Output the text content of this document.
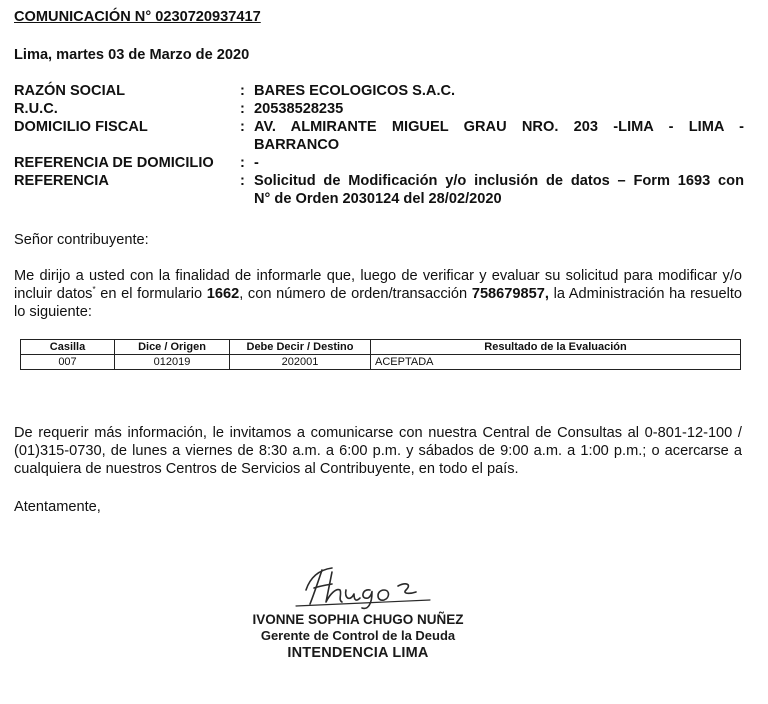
COMUNICACIÓN N° 0230720937417
Lima, martes 03 de Marzo de 2020
RAZÓN SOCIAL	:	BARES ECOLOGICOS S.A.C.
R.U.C.	:	20538528235
DOMICILIO FISCAL	:	AV. ALMIRANTE MIGUEL GRAU NRO. 203 -LIMA - LIMA -
BARRANCO

REFERENCIA DE DOMICILIO	:	-
REFERENCIA	:	Solicitud de Modificación y/o inclusión de datos – Form 1693 con
N° de Orden 2030124 del 28/02/2020
Señor contribuyente:
Me dirijo a usted con la finalidad de informarle que, luego de verificar y evaluar su solicitud para modificar y/o incluir datos* en el formulario 1662, con número de orden/transacción 758679857, la Administración ha resuelto lo siguiente:
Casilla	Dice / Origen	Debe Decir / Destino	Resultado de la Evaluación
007	012019	202001	ACEPTADA
De requerir más información, le invitamos a comunicarse con nuestra Central de Consultas al 0-801-12-100 / (01)315-0730, de lunes a viernes de 8:30 a.m. a 6:00 p.m. y sábados de 9:00 a.m. a 1:00 p.m.; o acercarse a cualquiera de nuestros Centros de Servicios al Contribuyente, en todo el país.
Atentamente,
IVONNE SOPHIA CHUGO NUÑEZ
Gerente de Control de la Deuda
INTENDENCIA LIMA
